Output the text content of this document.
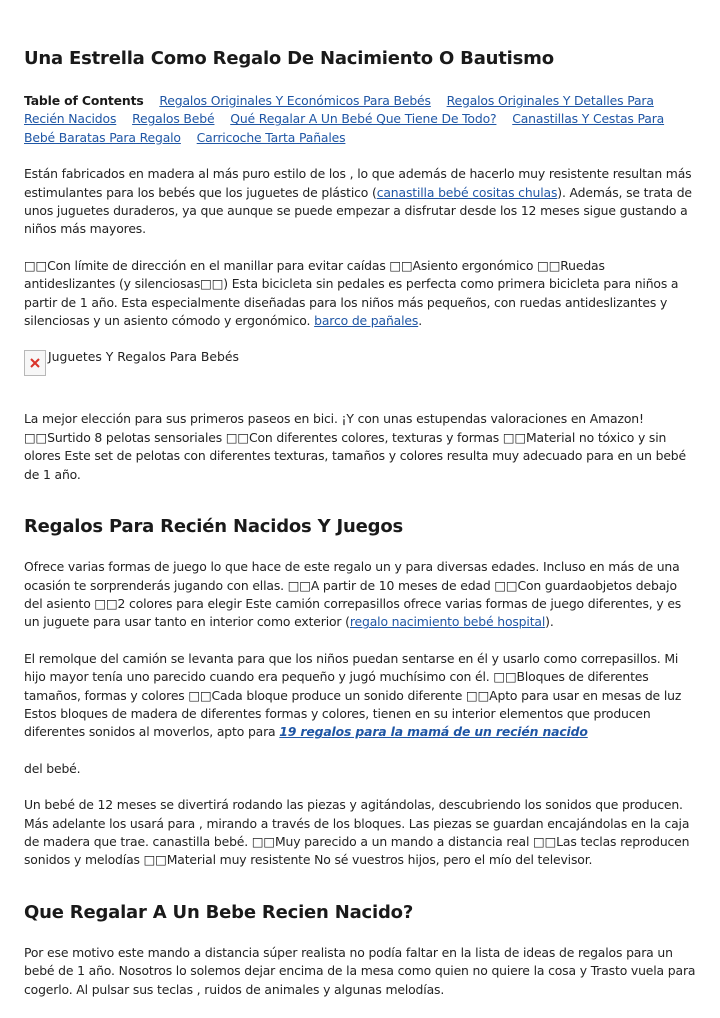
Una Estrella Como Regalo De Nacimiento O Bautismo
Table of Contents Regalos Originales Y Económicos Para Bebés Regalos Originales Y Detalles Para Recién Nacidos Regalos Bebé Qué Regalar A Un Bebé Que Tiene De Todo? Canastillas Y Cestas Para Bebé Baratas Para Regalo Carricoche Tarta Pañales

Están fabricados en madera al más puro estilo de los , lo que además de hacerlo muy resistente resultan más estimulantes para los bebés que los juguetes de plástico (canastilla bebé cositas chulas). Además, se trata de unos juguetes duraderos, ya que aunque se puede empezar a disfrutar desde los 12 meses sigue gustando a niños más mayores.

□□Con límite de dirección en el manillar para evitar caídas □□Asiento ergonómico □□Ruedas antideslizantes (y silenciosas□□) Esta bicicleta sin pedales es perfecta como primera bicicleta para niños a partir de 1 año. Esta especialmente diseñadas para los niños más pequeños, con ruedas antideslizantes y silenciosas y un asiento cómodo y ergonómico. barco de pañales.

Juguetes Y Regalos Para Bebés

La mejor elección para sus primeros paseos en bici. ¡Y con unas estupendas valoraciones en Amazon! □□Surtido 8 pelotas sensoriales □□Con diferentes colores, texturas y formas □□Material no tóxico y sin olores Este set de pelotas con diferentes texturas, tamaños y colores resulta muy adecuado para en un bebé de 1 año.

Regalos Para Recién Nacidos Y Juegos

Ofrece varias formas de juego lo que hace de este regalo un y para diversas edades. Incluso en más de una ocasión te sorprenderás jugando con ellas. □□A partir de 10 meses de edad □□Con guardaobjetos debajo del asiento □□2 colores para elegir Este camión correpasillos ofrece varias formas de juego diferentes, y es un juguete para usar tanto en interior como exterior (regalo nacimiento bebé hospital).

El remolque del camión se levanta para que los niños puedan sentarse en él y usarlo como correpasillos. Mi hijo mayor tenía uno parecido cuando era pequeño y jugó muchísimo con él. □□Bloques de diferentes tamaños, formas y colores □□Cada bloque produce un sonido diferente □□Apto para usar en mesas de luz Estos bloques de madera de diferentes formas y colores, tienen en su interior elementos que producen diferentes sonidos al moverlos, apto para 19 regalos para la mamá de un recién nacido

del bebé.

Un bebé de 12 meses se divertirá rodando las piezas y agitándolas, descubriendo los sonidos que producen. Más adelante los usará para , mirando a través de los bloques. Las piezas se guardan encajándolas en la caja de madera que trae. canastilla bebé. □□Muy parecido a un mando a distancia real □□Las teclas reproducen sonidos y melodías □□Material muy resistente No sé vuestros hijos, pero el mío del televisor.

Que Regalar A Un Bebe Recien Nacido?

Por ese motivo este mando a distancia súper realista no podía faltar en la lista de ideas de regalos para un bebé de 1 año. Nosotros lo solemos dejar encima de la mesa como quien no quiere la cosa y Trasto vuela para cogerlo. Al pulsar sus teclas , ruidos de animales y algunas melodías.
